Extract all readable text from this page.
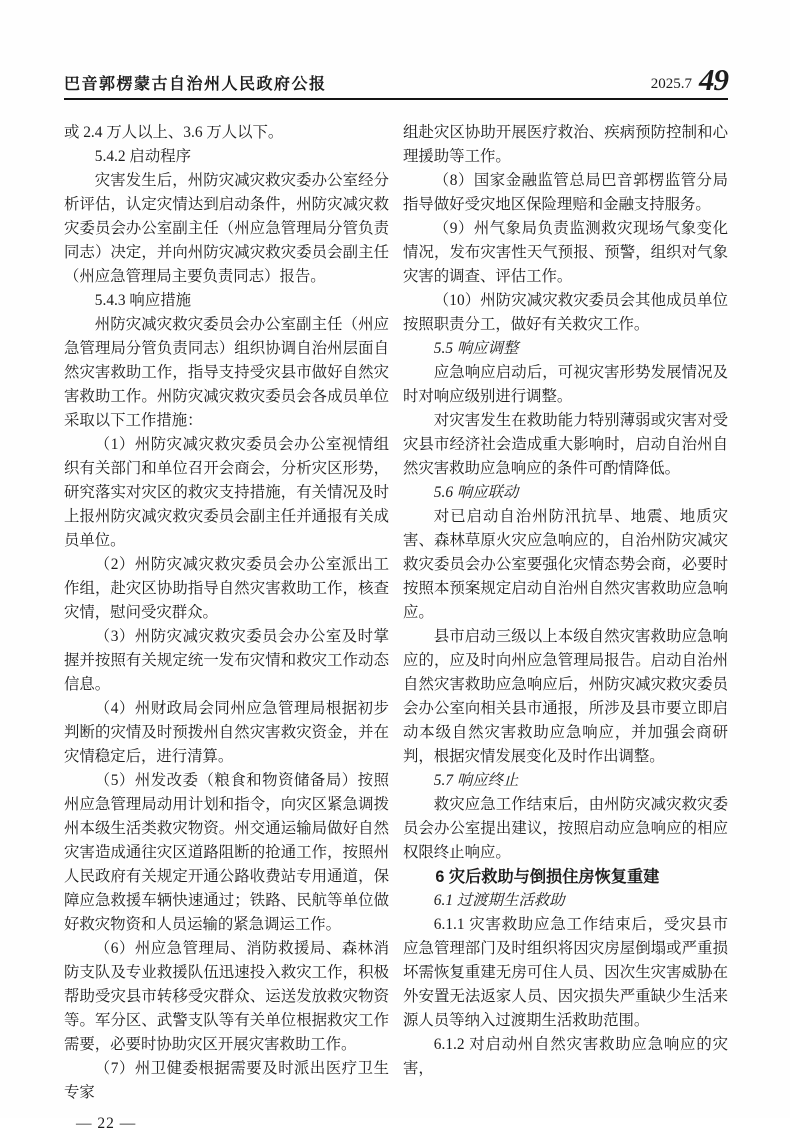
巴音郭楞蒙古自治州人民政府公报	2025.7 49

或 2.4 万人以上、3.6 万人以下。

5.4.2 启动程序

灾害发生后，州防灾减灾救灾委办公室经分析评估，认定灾情达到启动条件，州防灾减灾救灾委员会办公室副主任（州应急管理局分管负责同志）决定，并向州防灾减灾救灾委员会副主任（州应急管理局主要负责同志）报告。

5.4.3 响应措施

州防灾减灾救灾委员会办公室副主任（州应急管理局分管负责同志）组织协调自治州层面自然灾害救助工作，指导支持受灾县市做好自然灾害救助工作。州防灾减灾救灾委员会各成员单位采取以下工作措施：

（1）州防灾减灾救灾委员会办公室视情组织有关部门和单位召开会商会，分析灾区形势，研究落实对灾区的救灾支持措施，有关情况及时上报州防灾减灾救灾委员会副主任并通报有关成员单位。

（2）州防灾减灾救灾委员会办公室派出工作组，赴灾区协助指导自然灾害救助工作，核查灾情，慰问受灾群众。

（3）州防灾减灾救灾委员会办公室及时掌握并按照有关规定统一发布灾情和救灾工作动态信息。

（4）州财政局会同州应急管理局根据初步判断的灾情及时预拨州自然灾害救灾资金，并在灾情稳定后，进行清算。

（5）州发改委（粮食和物资储备局）按照州应急管理局动用计划和指令，向灾区紧急调拨州本级生活类救灾物资。州交通运输局做好自然灾害造成通往灾区道路阻断的抢通工作，按照州人民政府有关规定开通公路收费站专用通道，保障应急救援车辆快速通过；铁路、民航等单位做好救灾物资和人员运输的紧急调运工作。

（6）州应急管理局、消防救援局、森林消防支队及专业救援队伍迅速投入救灾工作，积极帮助受灾县市转移受灾群众、运送发放救灾物资等。军分区、武警支队等有关单位根据救灾工作需要，必要时协助灾区开展灾害救助工作。

（7）州卫健委根据需要及时派出医疗卫生专家

组赴灾区协助开展医疗救治、疾病预防控制和心理援助等工作。

（8）国家金融监管总局巴音郭楞监管分局指导做好受灾地区保险理赔和金融支持服务。

（9）州气象局负责监测救灾现场气象变化情况，发布灾害性天气预报、预警，组织对气象灾害的调查、评估工作。

（10）州防灾减灾救灾委员会其他成员单位按照职责分工，做好有关救灾工作。

5.5 响应调整

应急响应启动后，可视灾害形势发展情况及时对响应级别进行调整。

对灾害发生在救助能力特别薄弱或灾害对受灾县市经济社会造成重大影响时，启动自治州自然灾害救助应急响应的条件可酌情降低。

5.6 响应联动

对已启动自治州防汛抗旱、地震、地质灾害、森林草原火灾应急响应的，自治州防灾减灾救灾委员会办公室要强化灾情态势会商，必要时按照本预案规定启动自治州自然灾害救助应急响应。

县市启动三级以上本级自然灾害救助应急响应的，应及时向州应急管理局报告。启动自治州自然灾害救助应急响应后，州防灾减灾救灾委员会办公室向相关县市通报，所涉及县市要立即启动本级自然灾害救助应急响应，并加强会商研判，根据灾情发展变化及时作出调整。

5.7 响应终止

救灾应急工作结束后，由州防灾减灾救灾委员会办公室提出建议，按照启动应急响应的相应权限终止响应。

6 灾后救助与倒损住房恢复重建

6.1 过渡期生活救助

6.1.1 灾害救助应急工作结束后，受灾县市应急管理部门及时组织将因灾房屋倒塌或严重损坏需恢复重建无房可住人员、因次生灾害威胁在外安置无法返家人员、因灾损失严重缺少生活来源人员等纳入过渡期生活救助范围。

6.1.2 对启动州自然灾害救助应急响应的灾害，

— 22 —
